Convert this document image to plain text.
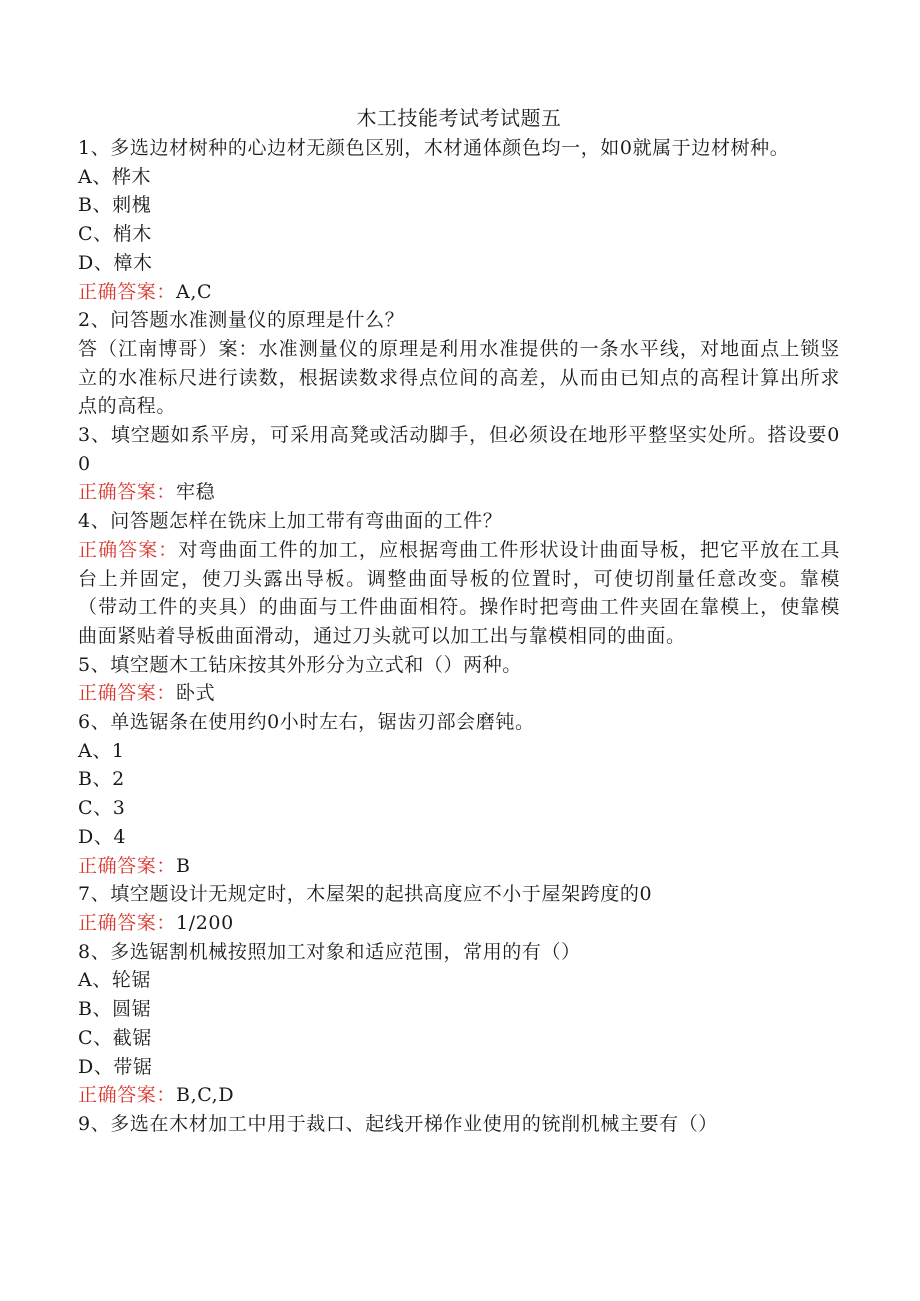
木工技能考试考试题五

1、多选边材树种的心边材无颜色区别，木材通体颜色均一，如0就属于边材树种。

A、桦木

B、刺槐

C、梢木

D、樟木

正确答案：A,C

2、问答题水准测量仪的原理是什么？

答（江南博哥）案：水准测量仪的原理是利用水准提供的一条水平线，对地面点上锁竖立的水准标尺进行读数，根据读数求得点位间的高差，从而由已知点的高程计算出所求点的高程。

3、填空题如系平房，可采用高凳或活动脚手，但必须设在地形平整坚实处所。搭设要00

正确答案：牢稳

4、问答题怎样在铣床上加工带有弯曲面的工件？

正确答案：对弯曲面工件的加工，应根据弯曲工件形状设计曲面导板，把它平放在工具台上并固定，使刀头露出导板。调整曲面导板的位置时，可使切削量任意改变。靠模（带动工件的夹具）的曲面与工件曲面相符。操作时把弯曲工件夹固在靠模上，使靠模曲面紧贴着导板曲面滑动，通过刀头就可以加工出与靠模相同的曲面。

5、填空题木工钻床按其外形分为立式和（）两种。

正确答案：卧式

6、单选锯条在使用约0小时左右，锯齿刃部会磨钝。

A、1

B、2

C、3

D、4

正确答案：B

7、填空题设计无规定时，木屋架的起拱高度应不小于屋架跨度的0

正确答案：1/200

8、多选锯割机械按照加工对象和适应范围，常用的有（）

A、轮锯

B、圆锯

C、截锯

D、带锯

正确答案：B,C,D

9、多选在木材加工中用于裁口、起线开梯作业使用的铳削机械主要有（）
